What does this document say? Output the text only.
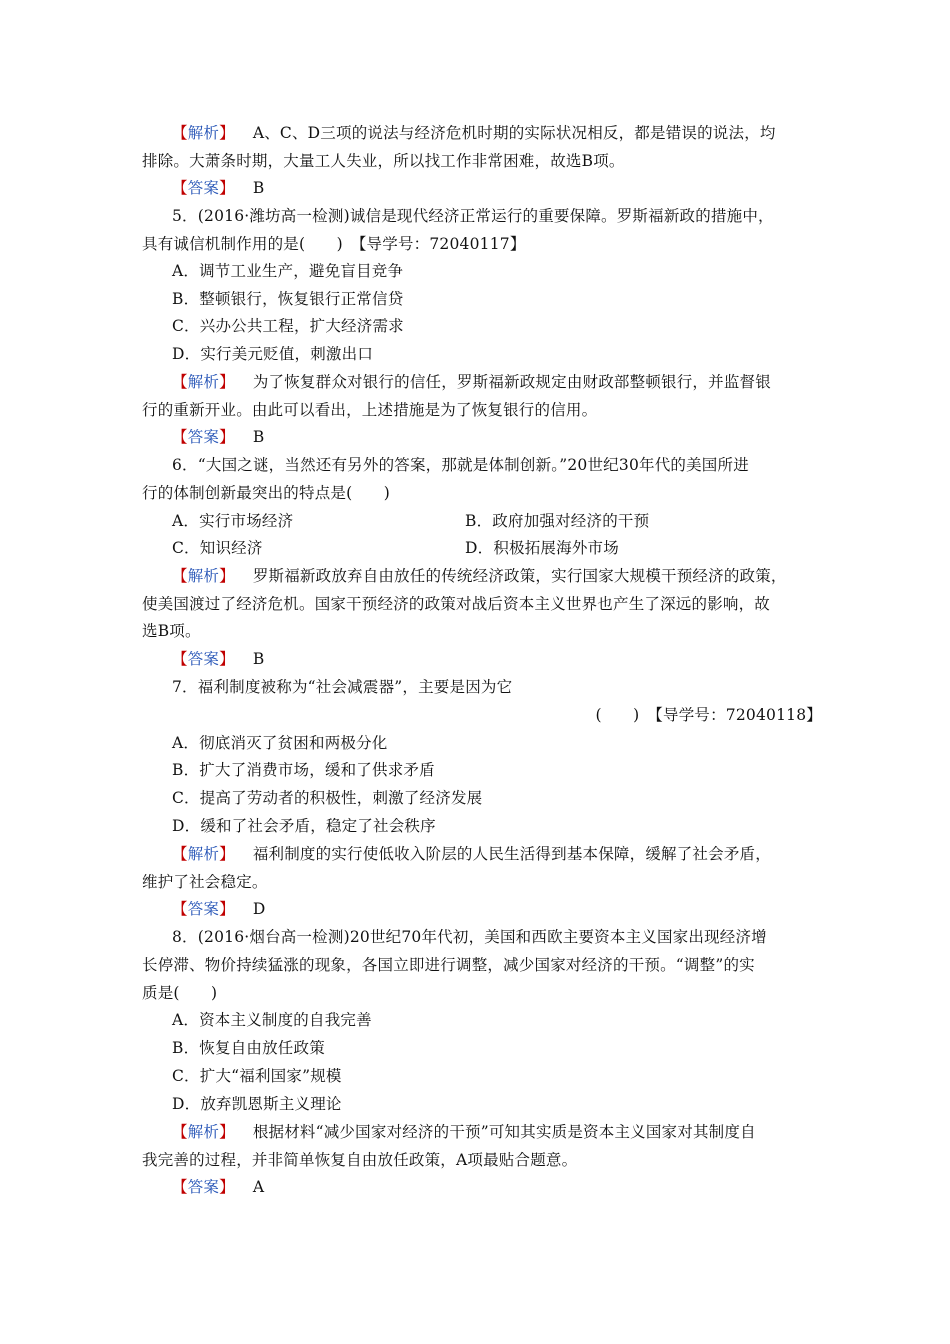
【解析】 A、C、D三项的说法与经济危机时期的实际状况相反，都是错误的说法，均
排除。大萧条时期，大量工人失业，所以找工作非常困难，故选B项。
【答案】 B
5．(2016·潍坊高一检测)诚信是现代经济正常运行的重要保障。罗斯福新政的措施中，
具有诚信机制作用的是(　　)　【导学号：72040117】
A．调节工业生产，避免盲目竞争
B．整顿银行，恢复银行正常信贷
C．兴办公共工程，扩大经济需求
D．实行美元贬值，刺激出口
【解析】 为了恢复群众对银行的信任，罗斯福新政规定由财政部整顿银行，并监督银
行的重新开业。由此可以看出，上述措施是为了恢复银行的信用。
【答案】 B
6．“大国之谜，当然还有另外的答案，那就是体制创新。”20世纪30年代的美国所进
行的体制创新最突出的特点是(　　)
A．实行市场经济	B．政府加强对经济的干预
C．知识经济	D．积极拓展海外市场
【解析】 罗斯福新政放弃自由放任的传统经济政策，实行国家大规模干预经济的政策，
使美国渡过了经济危机。国家干预经济的政策对战后资本主义世界也产生了深远的影响，故
选B项。
【答案】 B
7．福利制度被称为“社会减震器”，主要是因为它
(　　)　【导学号：72040118】
A．彻底消灭了贫困和两极分化
B．扩大了消费市场，缓和了供求矛盾
C．提高了劳动者的积极性，刺激了经济发展
D．缓和了社会矛盾，稳定了社会秩序
【解析】 福利制度的实行使低收入阶层的人民生活得到基本保障，缓解了社会矛盾，
维护了社会稳定。
【答案】 D
8．(2016·烟台高一检测)20世纪70年代初，美国和西欧主要资本主义国家出现经济增
长停滞、物价持续猛涨的现象，各国立即进行调整，减少国家对经济的干预。“调整”的实
质是(　　)
A．资本主义制度的自我完善
B．恢复自由放任政策
C．扩大“福利国家”规模
D．放弃凯恩斯主义理论
【解析】 根据材料“减少国家对经济的干预”可知其实质是资本主义国家对其制度自
我完善的过程，并非简单恢复自由放任政策，A项最贴合题意。
【答案】 A
